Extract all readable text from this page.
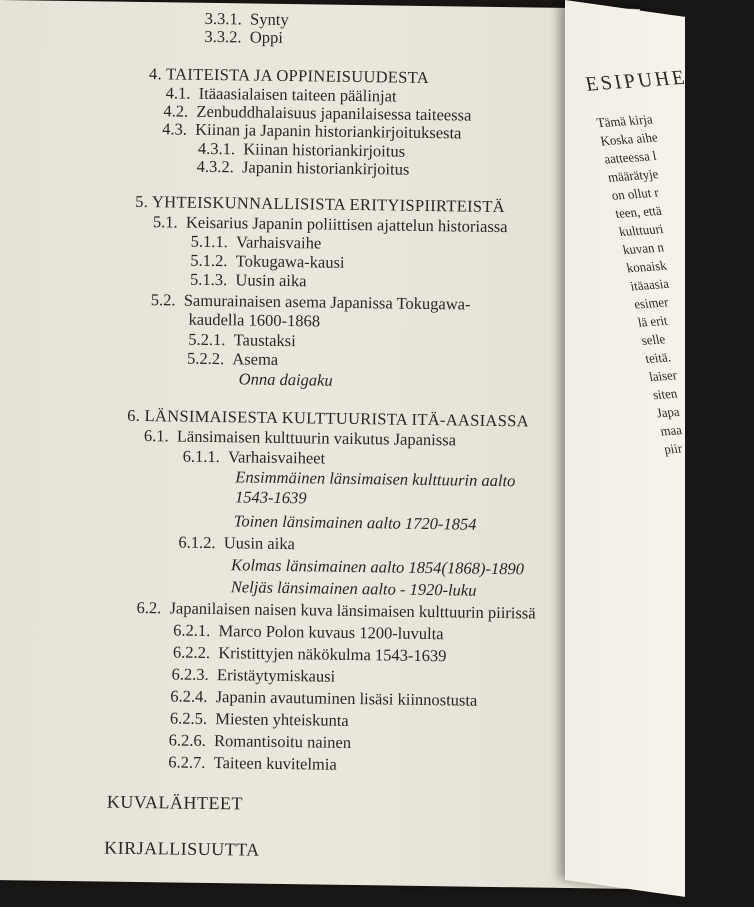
3.3.1. Synty
3.3.2. Oppi
4. TAITEISTA JA OPPINEISUUDESTA
4.1. Itäaasialaisen taiteen päälinjat
4.2. Zenbuddhalaisuus japanilaisessa taiteessa
4.3. Kiinan ja Japanin historiankirjoituksesta
4.3.1. Kiinan historiankirjoitus
4.3.2. Japanin historiankirjoitus
5. YHTEISKUNNALLISISTA ERITYISPIIRTEISTÄ
5.1. Keisarius Japanin poliittisen ajattelun historiassa
5.1.1. Varhaisvaihe
5.1.2. Tokugawa-kausi
5.1.3. Uusin aika
5.2. Samurainaisen asema Japanissa Tokugawa-
kaudella 1600-1868
5.2.1. Taustaksi
5.2.2. Asema
Onna daigaku
6. LÄNSIMAISESTA KULTTUURISTA ITÄ-AASIASSA
6.1. Länsimaisen kulttuurin vaikutus Japanissa
6.1.1. Varhaisvaiheet
Ensimmäinen länsimaisen kulttuurin aalto
1543-1639
Toinen länsimainen aalto 1720-1854
6.1.2. Uusin aika
Kolmas länsimainen aalto 1854(1868)-1890
Neljäs länsimainen aalto - 1920-luku
6.2. Japanilaisen naisen kuva länsimaisen kulttuurin piirissä
6.2.1. Marco Polon kuvaus 1200-luvulta
6.2.2. Kristittyjen näkökulma 1543-1639
6.2.3. Eristäytymiskausi
6.2.4. Japanin avautuminen lisäsi kiinnostusta
6.2.5. Miesten yhteiskunta
6.2.6. Romantisoitu nainen
6.2.7. Taiteen kuvitelmia
KUVALÄHTEET
KIRJALLISUUTTA
ESIPUHE
Tämä kirja
Koska aihe
aatteessa l
määrätyje
on ollut r
teen, että
kulttuuri
kuvan n
konaisk
itäaasia
esimer
lä erit
selle
teitä.
laiser
siten
Japa
maa
piir
